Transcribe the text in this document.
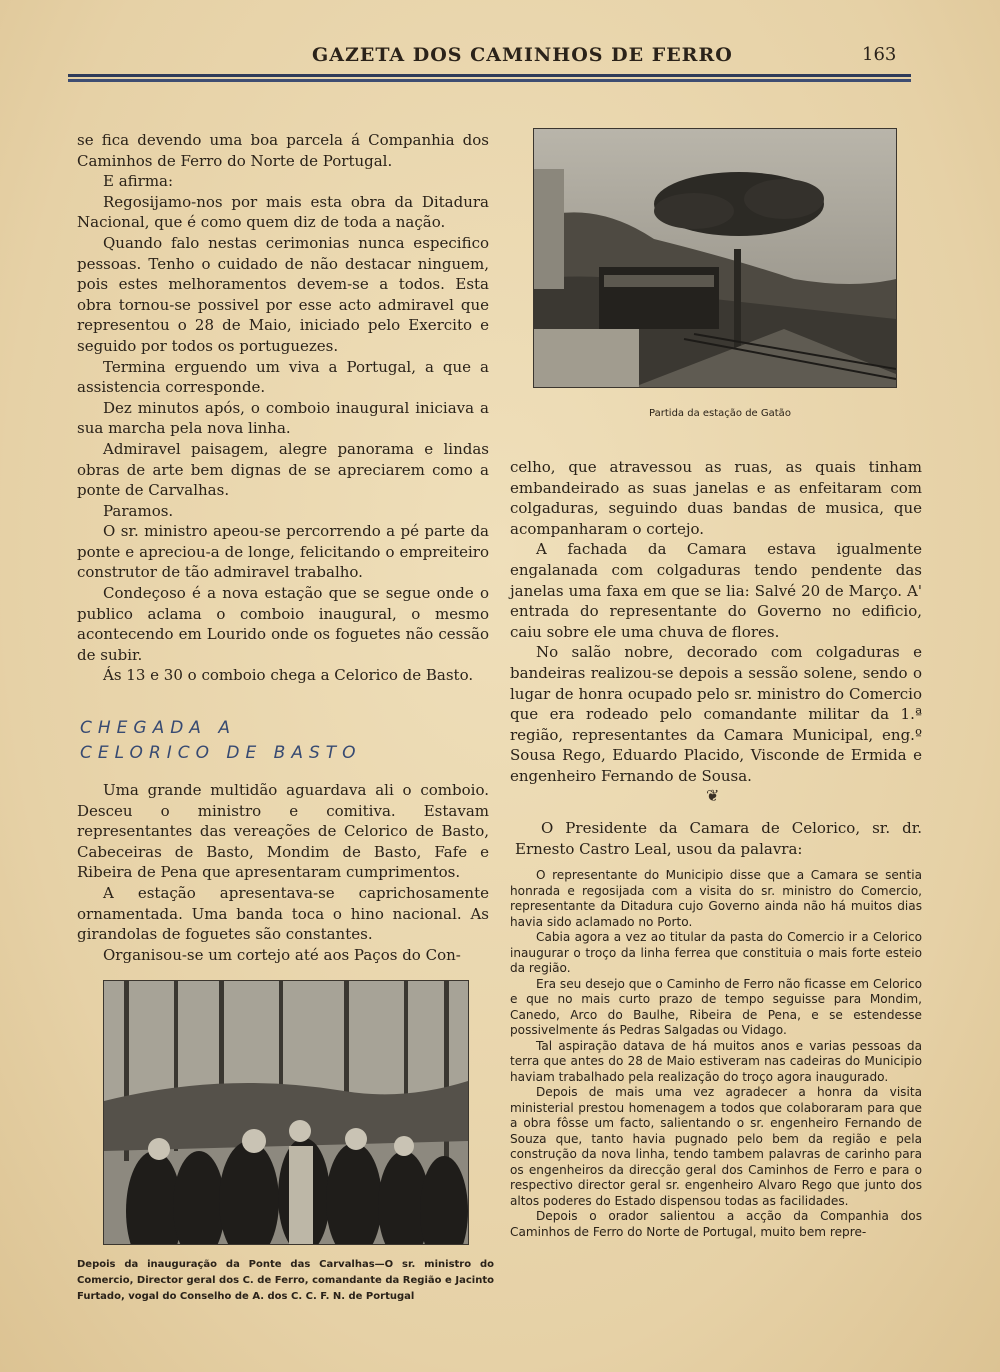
GAZETA DOS CAMINHOS DE FERRO	163

se fica devendo uma boa parcela á Companhia dos Caminhos de Ferro do Norte de Portugal.

E afirma:

Regosijamo-nos por mais esta obra da Ditadura Nacional, que é como quem diz de toda a nação.

Quando falo nestas cerimonias nunca especifico pessoas. Tenho o cuidado de não destacar ninguem, pois estes melhoramentos devem-se a todos. Esta obra tornou-se possivel por esse acto admiravel que representou o 28 de Maio, iniciado pelo Exercito e seguido por todos os portuguezes.

Termina erguendo um viva a Portugal, a que a assistencia corresponde.

Dez minutos após, o comboio inaugural iniciava a sua marcha pela nova linha.

Admiravel paisagem, alegre panorama e lindas obras de arte bem dignas de se apreciarem como a ponte de Carvalhas.

Paramos.

O sr. ministro apeou-se percorrendo a pé parte da ponte e apreciou-a de longe, felicitando o empreiteiro construtor de tão admiravel trabalho.

Condeçoso é a nova estação que se segue onde o publico aclama o comboio inaugural, o mesmo acontecendo em Lourido onde os foguetes não cessão de subir.

Ás 13 e 30 o comboio chega a Celorico de Basto.

CHEGADA A CELORICO DE BASTO

Uma grande multidão aguardava ali o comboio. Desceu o ministro e comitiva. Estavam representantes das vereações de Celorico de Basto, Cabeceiras de Basto, Mondim de Basto, Fafe e Ribeira de Pena que apresentaram cumprimentos.

A estação apresentava-se caprichosamente ornamentada. Uma banda toca o hino nacional. As girandolas de foguetes são constantes.

Organisou-se um cortejo até aos Paços do Con-

Partida da estação de Gatão

celho, que atravessou as ruas, as quais tinham embandeirado as suas janelas e as enfeitaram com colgaduras, seguindo duas bandas de musica, que acompanharam o cortejo.

A fachada da Camara estava igualmente engalanada com colgaduras tendo pendente das janelas uma faxa em que se lia: Salvé 20 de Março. A' entrada do representante do Governo no edificio, caiu sobre ele uma chuva de flores.

No salão nobre, decorado com colgaduras e bandeiras realizou-se depois a sessão solene, sendo o lugar de honra ocupado pelo sr. ministro do Comercio que era rodeado pelo comandante militar da 1.ª região, representantes da Camara Municipal, eng.º Sousa Rego, Eduardo Placido, Visconde de Ermida e engenheiro Fernando de Sousa.

❦

O Presidente da Camara de Celorico, sr. dr. Ernesto Castro Leal, usou da palavra:

O representante do Municipio disse que a Camara se sentia honrada e regosijada com a visita do sr. ministro do Comercio, representante da Ditadura cujo Governo ainda não há muitos dias havia sido aclamado no Porto.

Cabia agora a vez ao titular da pasta do Comercio ir a Celorico inaugurar o troço da linha ferrea que constituia o mais forte esteio da região.

Era seu desejo que o Caminho de Ferro não ficasse em Celorico e que no mais curto prazo de tempo seguisse para Mondim, Canedo, Arco do Baulhe, Ribeira de Pena, e se estendesse possivelmente ás Pedras Salgadas ou Vidago.

Tal aspiração datava de há muitos anos e varias pessoas da terra que antes do 28 de Maio estiveram nas cadeiras do Municipio haviam trabalhado pela realização do troço agora inaugurado.

Depois de mais uma vez agradecer a honra da visita ministerial prestou homenagem a todos que colaboraram para que a obra fôsse um facto, salientando o sr. engenheiro Fernando de Souza que, tanto havia pugnado pelo bem da região e pela construção da nova linha, tendo tambem palavras de carinho para os engenheiros da direcção geral dos Caminhos de Ferro e para o respectivo director geral sr. engenheiro Alvaro Rego que junto dos altos poderes do Estado dispensou todas as facilidades.

Depois o orador salientou a acção da Companhia dos Caminhos de Ferro do Norte de Portugal, muito bem repre-

Depois da inauguração da Ponte das Carvalhas—O sr. ministro do Comercio, Director geral dos C. de Ferro, comandante da Região e Jacinto Furtado, vogal do Conselho de A. dos C. C. F. N. de Portugal
